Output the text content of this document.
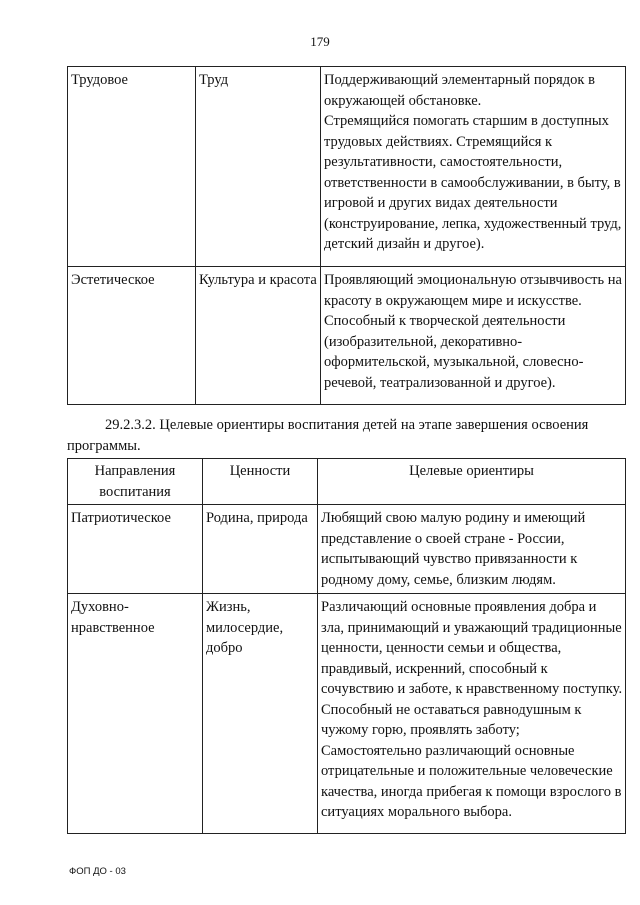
179
Трудовое	Труд	Поддерживающий элементарный порядок в окружающей обстановке.
Стремящийся помогать старшим в доступных трудовых действиях. Стремящийся к результативности, самостоятельности, ответственности в самообслуживании, в быту, в игровой и других видах деятельности (конструирование, лепка, художественный труд, детский дизайн и другое).

Эстетическое	Культура и красота	Проявляющий эмоциональную отзывчивость на красоту в окружающем мире и искусстве.
Способный к творческой деятельности (изобразительной, декоративно-оформительской, музыкальной, словесно-речевой, театрализованной и другое).
29.2.3.2. Целевые ориентиры воспитания детей на этапе завершения освоения программы.
Направления воспитания	Ценности	Целевые ориентиры
Патриотическое	Родина, природа	Любящий свою малую родину и имеющий представление о своей стране - России, испытывающий чувство привязанности к родному дому, семье, близким людям.

Духовно-нравственное	Жизнь, милосердие, добро	Различающий основные проявления добра и зла, принимающий и уважающий традиционные ценности, ценности семьи и общества, правдивый, искренний, способный к сочувствию и заботе, к нравственному поступку.
Способный не оставаться равнодушным к чужому горю, проявлять заботу;
Самостоятельно различающий основные отрицательные и положительные человеческие качества, иногда прибегая к помощи взрослого в ситуациях морального выбора.
ФОП ДО - 03
